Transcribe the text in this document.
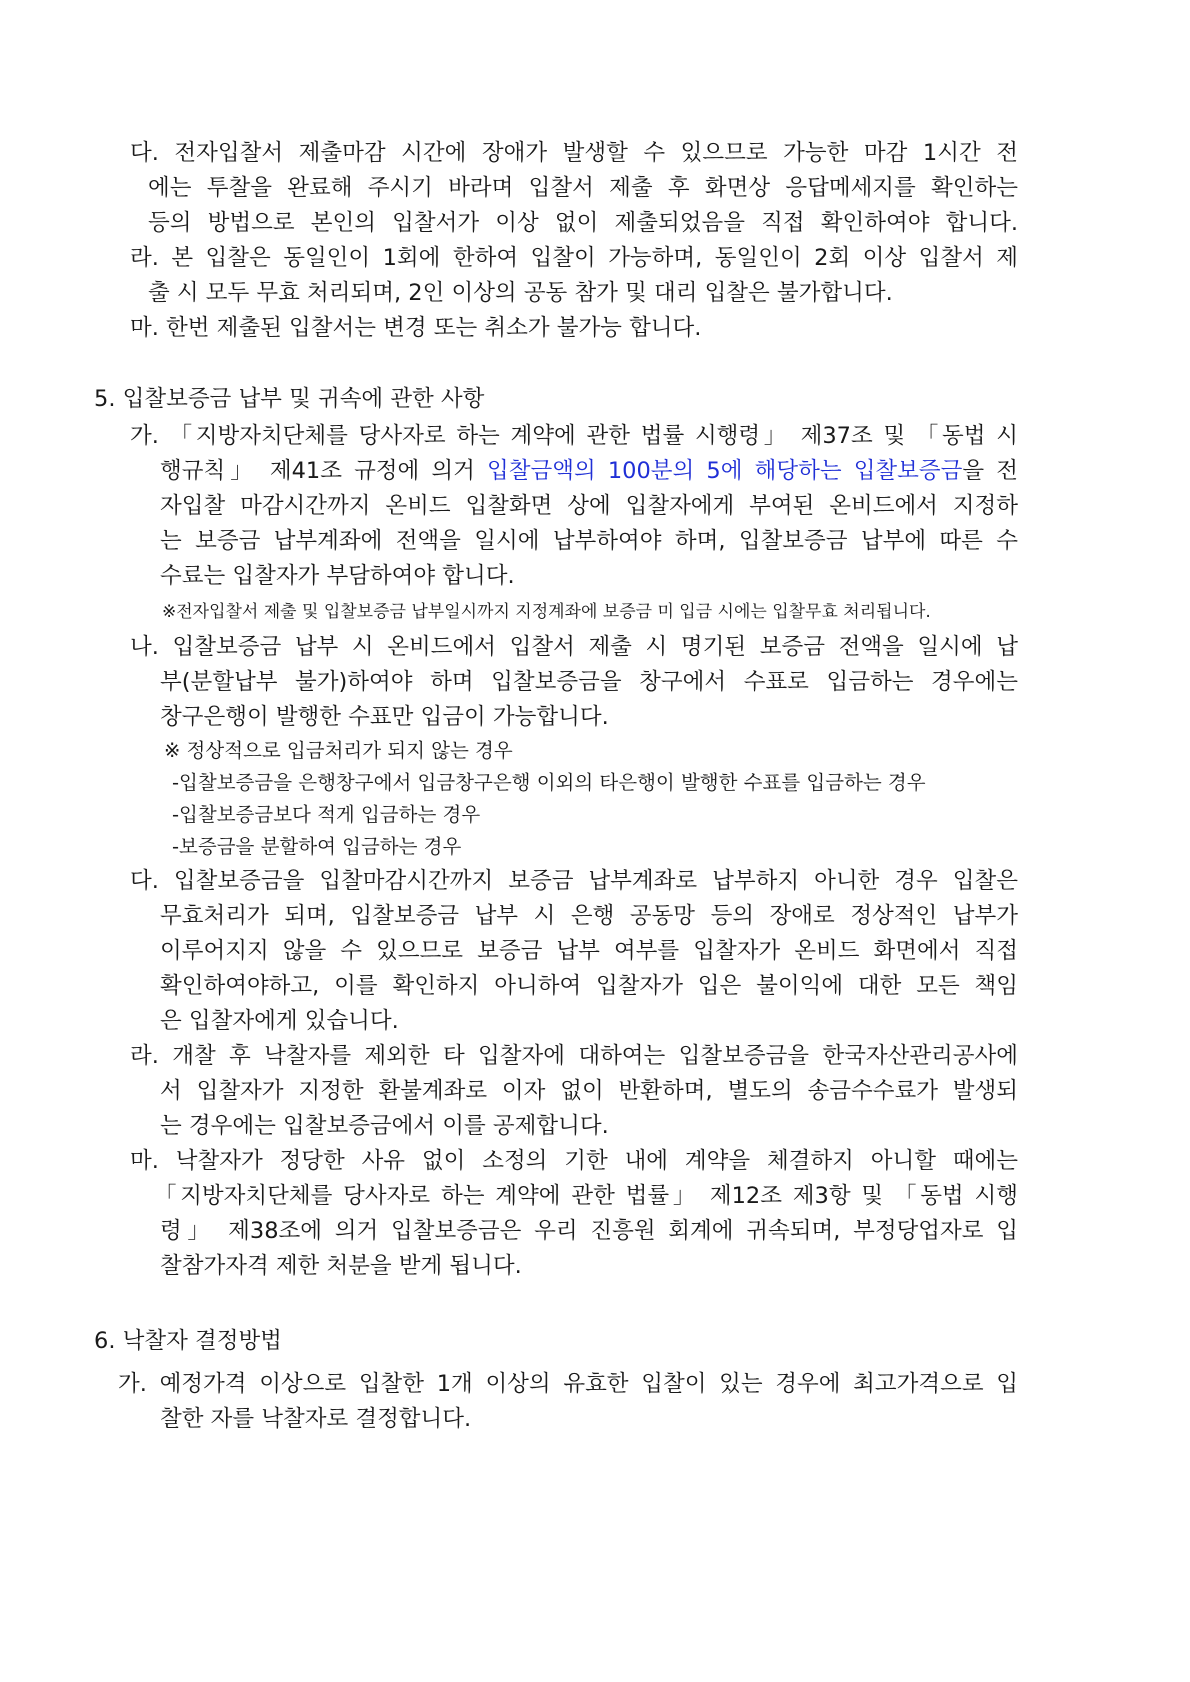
다. 전자입찰서 제출마감 시간에 장애가 발생할 수 있으므로 가능한 마감 1시간 전
에는 투찰을 완료해 주시기 바라며 입찰서 제출 후 화면상 응답메세지를 확인하는
등의 방법으로 본인의 입찰서가 이상 없이 제출되었음을 직접 확인하여야 합니다.
라. 본 입찰은 동일인이 1회에 한하여 입찰이 가능하며, 동일인이 2회 이상 입찰서 제
출 시 모두 무효 처리되며, 2인 이상의 공동 참가 및 대리 입찰은 불가합니다.
마. 한번 제출된 입찰서는 변경 또는 취소가 불가능 합니다.
5. 입찰보증금 납부 및 귀속에 관한 사항
가. 「지방자치단체를 당사자로 하는 계약에 관한 법률 시행령」 제37조 및 「동법 시
행규칙」 제41조 규정에 의거 입찰금액의 100분의 5에 해당하는 입찰보증금을 전
자입찰 마감시간까지 온비드 입찰화면 상에 입찰자에게 부여된 온비드에서 지정하
는 보증금 납부계좌에 전액을 일시에 납부하여야 하며, 입찰보증금 납부에 따른 수
수료는 입찰자가 부담하여야 합니다.
※전자입찰서 제출 및 입찰보증금 납부일시까지 지정계좌에 보증금 미 입금 시에는 입찰무효 처리됩니다.
나. 입찰보증금 납부 시 온비드에서 입찰서 제출 시 명기된 보증금 전액을 일시에 납
부(분할납부 불가)하여야 하며 입찰보증금을 창구에서 수표로 입금하는 경우에는
창구은행이 발행한 수표만 입금이 가능합니다.
※ 정상적으로 입금처리가 되지 않는 경우
-입찰보증금을 은행창구에서 입금창구은행 이외의 타은행이 발행한 수표를 입금하는 경우
-입찰보증금보다 적게 입금하는 경우
-보증금을 분할하여 입금하는 경우
다. 입찰보증금을 입찰마감시간까지 보증금 납부계좌로 납부하지 아니한 경우 입찰은
무효처리가 되며, 입찰보증금 납부 시 은행 공동망 등의 장애로 정상적인 납부가
이루어지지 않을 수 있으므로 보증금 납부 여부를 입찰자가 온비드 화면에서 직접
확인하여야하고, 이를 확인하지 아니하여 입찰자가 입은 불이익에 대한 모든 책임
은 입찰자에게 있습니다.
라. 개찰 후 낙찰자를 제외한 타 입찰자에 대하여는 입찰보증금을 한국자산관리공사에
서 입찰자가 지정한 환불계좌로 이자 없이 반환하며, 별도의 송금수수료가 발생되
는 경우에는 입찰보증금에서 이를 공제합니다.
마. 낙찰자가 정당한 사유 없이 소정의 기한 내에 계약을 체결하지 아니할 때에는
「지방자치단체를 당사자로 하는 계약에 관한 법률」 제12조 제3항 및 「동법 시행
령」 제38조에 의거 입찰보증금은 우리 진흥원 회계에 귀속되며, 부정당업자로 입
찰참가자격 제한 처분을 받게 됩니다.
6. 낙찰자 결정방법
가. 예정가격 이상으로 입찰한 1개 이상의 유효한 입찰이 있는 경우에 최고가격으로 입
찰한 자를 낙찰자로 결정합니다.
